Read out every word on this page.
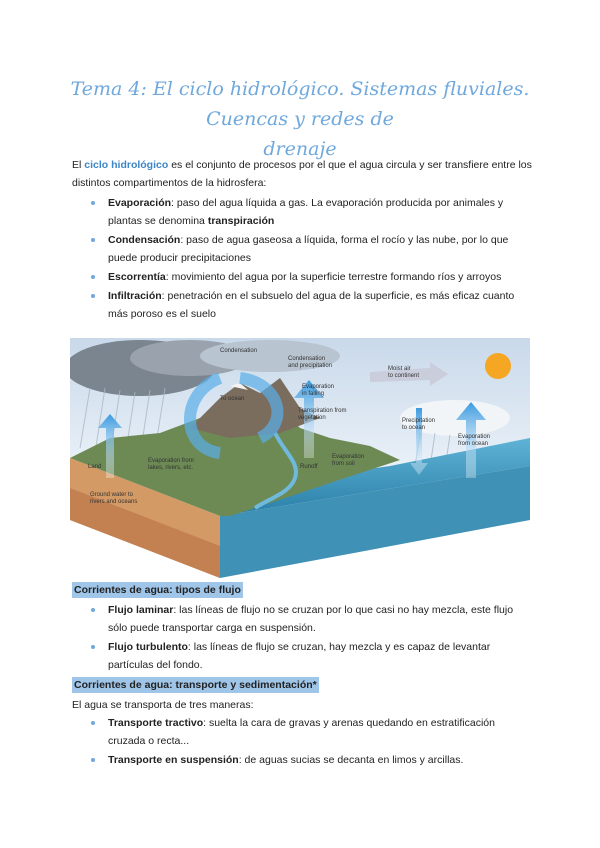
Tema 4: El ciclo hidrológico. Sistemas fluviales. Cuencas y redes de
drenaje

El ciclo hidrológico es el conjunto de procesos por el que el agua circula y ser transfiere entre los distintos compartimentos de la hidrosfera:

Evaporación: paso del agua líquida a gas. La evaporación producida por animales y plantas se denomina transpiración
Condensación: paso de agua gaseosa a líquida, forma el rocío y las nube, por lo que puede producir precipitaciones
Escorrentía: movimiento del agua por la superficie terrestre formando ríos y arroyos
Infiltración: penetración en el subsuelo del agua de la superficie, es más eficaz cuanto más poroso es el suelo
Condensation
Condensation
and precipitation	Moist air
to continent
To ocean
Evaporation
in falling
Transpiration from
vegetation	Precipitation
to ocean
Evaporation
from ocean
Land
Evaporation from
lakes, rivers, etc.
Evaporation
from soil
Runoff
Ground water to
rivers and oceans

Corrientes de agua: tipos de flujo

Flujo laminar: las líneas de flujo no se cruzan por lo que casi no hay mezcla, este flujo sólo puede transportar carga en suspensión.
Flujo turbulento: las líneas de flujo se cruzan, hay mezcla y es capaz de levantar partículas del fondo.

Corrientes de agua: transporte y sedimentación*

El agua se transporta de tres maneras:

Transporte tractivo: suelta la cara de gravas y arenas quedando en estratificación cruzada o recta...
Transporte en suspensión: de aguas sucias se decanta en limos y arcillas.
